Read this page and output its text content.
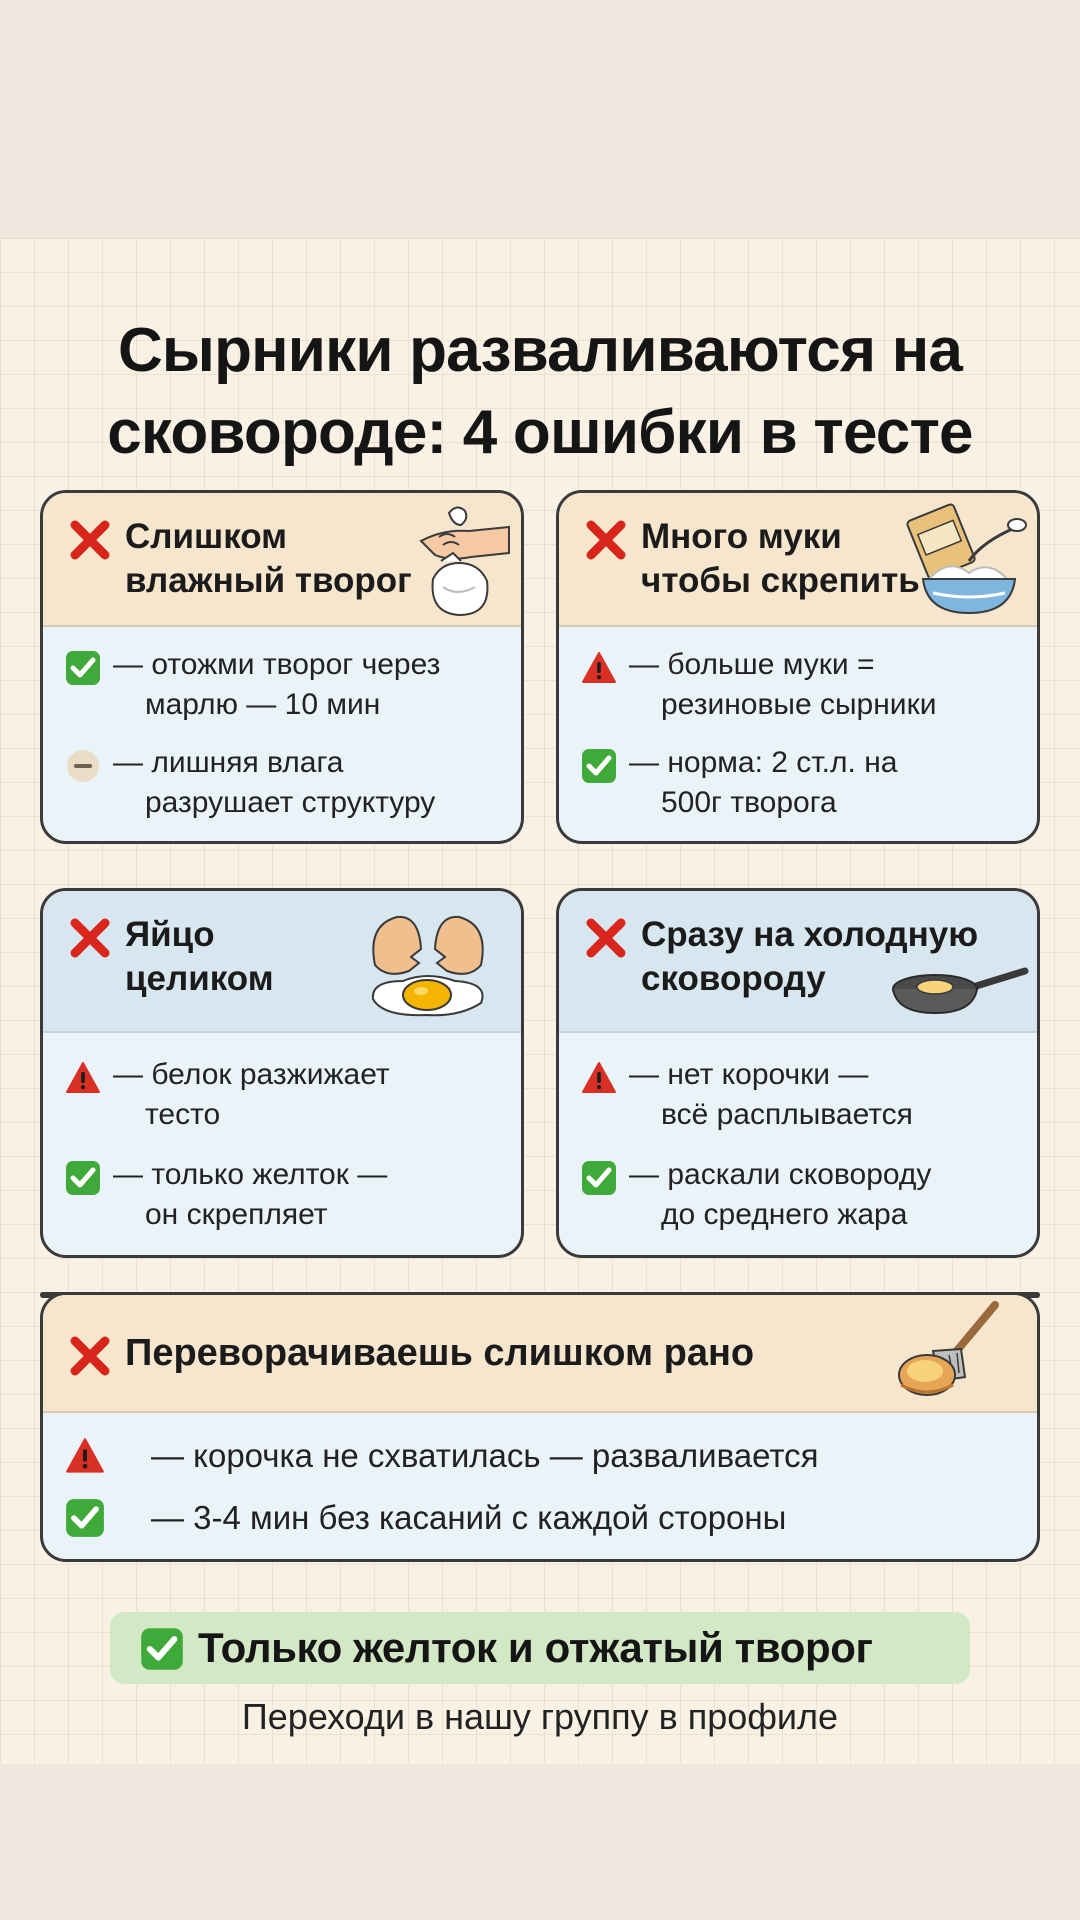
Сырники разваливаются на
сковороде: 4 ошибки в тесте
Слишком
влажный творог
— отожми творог через
марлю — 10 мин
— лишняя влага
разрушает структуру
Много муки
чтобы скрепить
— больше муки =
резиновые сырники
— норма: 2 ст.л. на
500г творога
Яйцо
целиком
— белок разжижает
тесто
— только желток —
он скрепляет
Сразу на холодную
сковороду
— нет корочки —
всё расплывается
— раскали сковороду
до среднего жара
Переворачиваешь слишком рано
— корочка не схватилась — разваливается
— 3-4 мин без касаний с каждой стороны
Только желток и отжатый творог
Переходи в нашу группу в профиле
